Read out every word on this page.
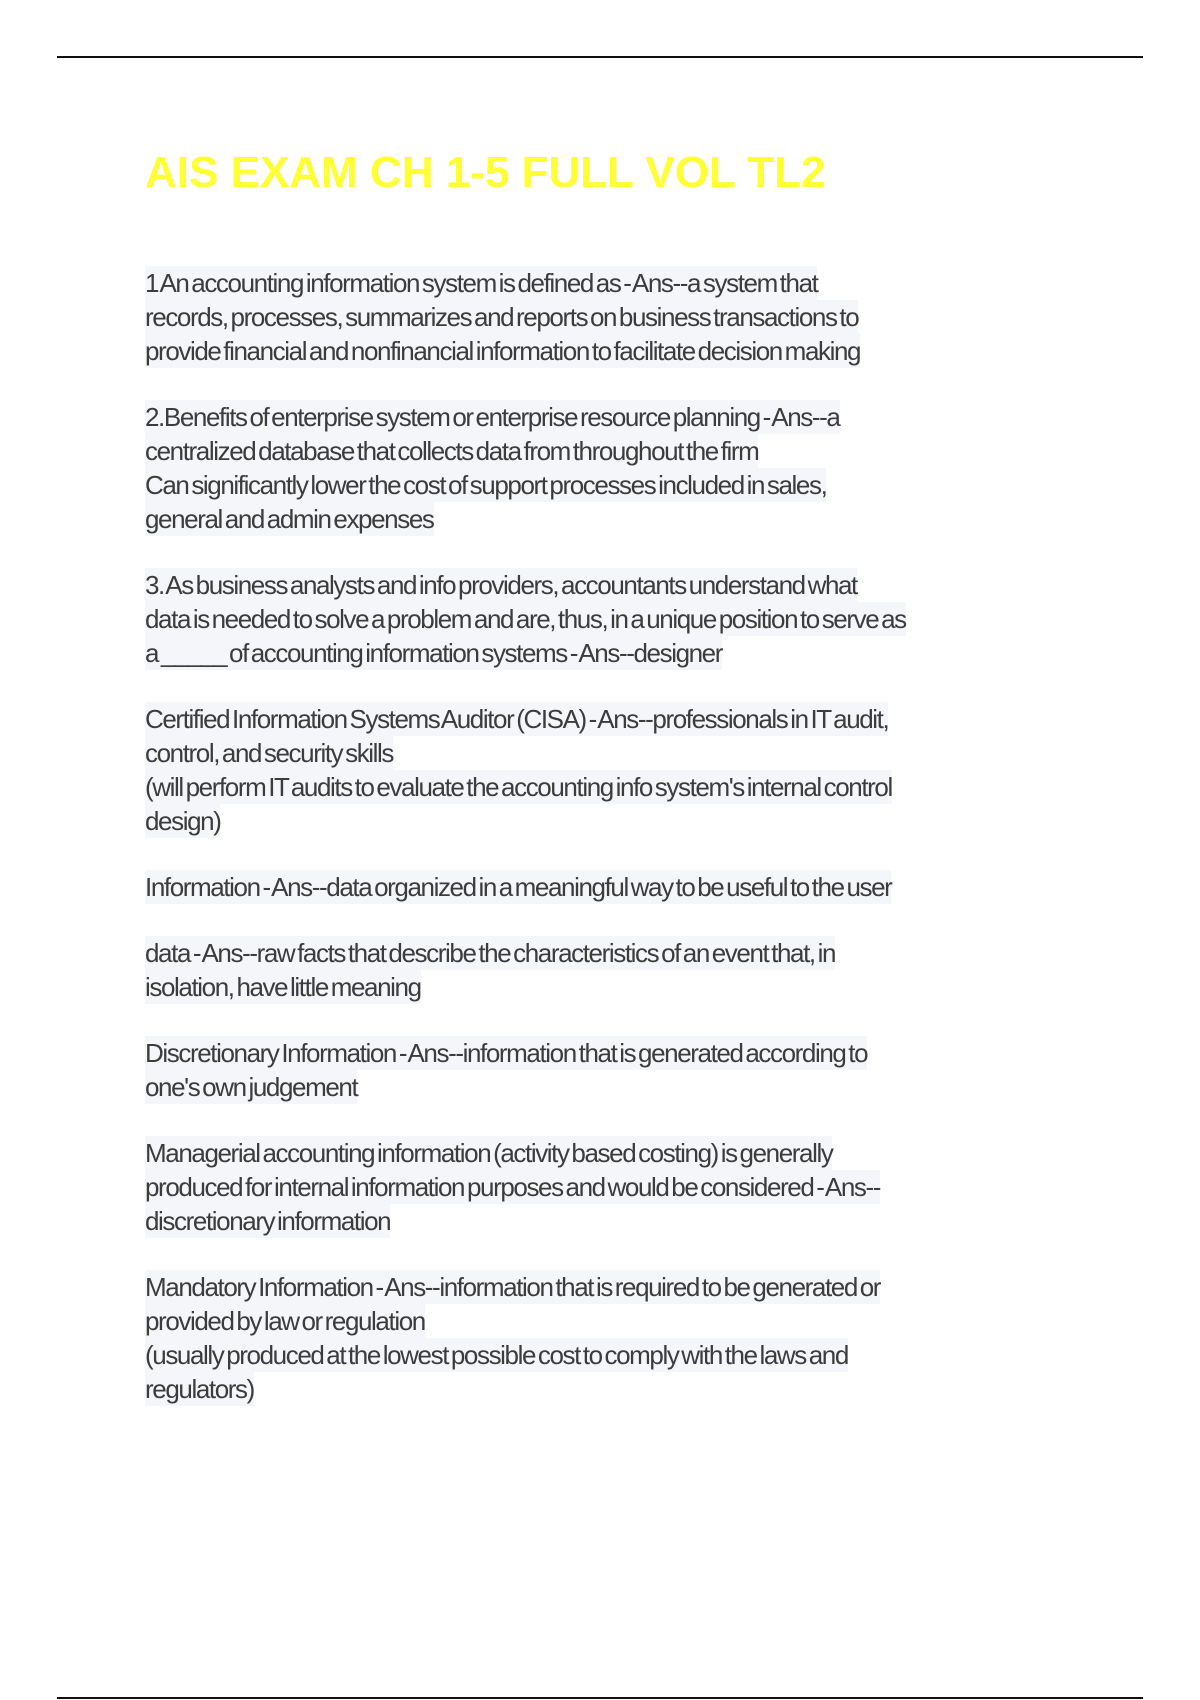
AIS EXAM CH 1-5 FULL VOL TL2
1 An accounting information system is defined as - Ans--a system that
records, processes, summarizes and reports on business transactions to
provide financial and nonfinancial information to facilitate decision making
2.Benefits of enterprise system or enterprise resource planning - Ans--a
centralized database that collects data from throughout the firm
Can significantly lower the cost of support processes included in sales,
general and admin expenses
3. As business analysts and info providers, accountants understand what
data is needed to solve a problem and are, thus, in a unique position to serve as
a _____ of accounting information systems - Ans--designer
Certified Information Systems Auditor (CISA) - Ans--professionals in IT audit,
control, and security skills
(will perform IT audits to evaluate the accounting info system's internal control
design)
Information - Ans--data organized in a meaningful way to be useful to the user
data - Ans--raw facts that describe the characteristics of an event that, in
isolation, have little meaning
Discretionary Information - Ans--information that is generated according to
one's own judgement
Managerial accounting information (activity based costing) is generally
produced for internal information purposes and would be considered - Ans--
discretionary information
Mandatory Information - Ans--information that is required to be generated or
provided by law or regulation
(usually produced at the lowest possible cost to comply with the laws and
regulators)
